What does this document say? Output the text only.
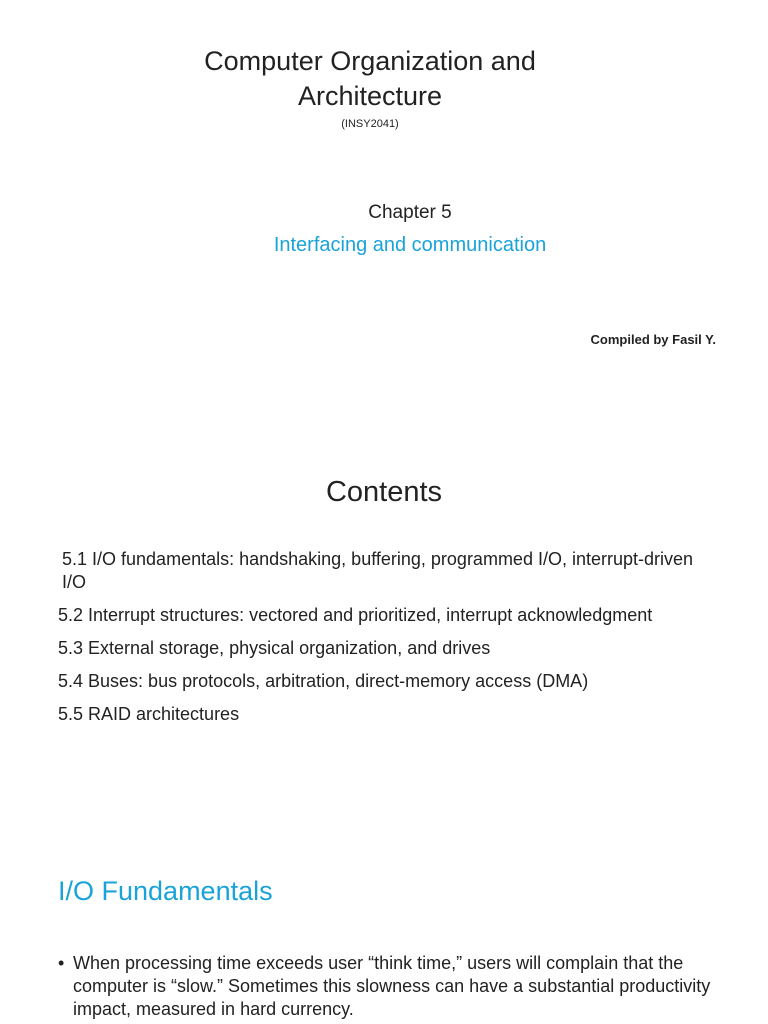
Computer Organization and Architecture
(INSY2041)
Chapter 5
Interfacing and communication
Compiled by Fasil Y.
Contents
5.1 I/O fundamentals: handshaking, buffering, programmed I/O, interrupt-driven I/O
5.2 Interrupt structures: vectored and prioritized, interrupt acknowledgment
5.3 External storage, physical organization, and drives
5.4 Buses: bus protocols, arbitration, direct-memory access (DMA)
5.5 RAID architectures
I/O Fundamentals
• When processing time exceeds user “think time,” users will complain that the computer is “slow.” Sometimes this slowness can have a substantial productivity impact, measured in hard currency.
